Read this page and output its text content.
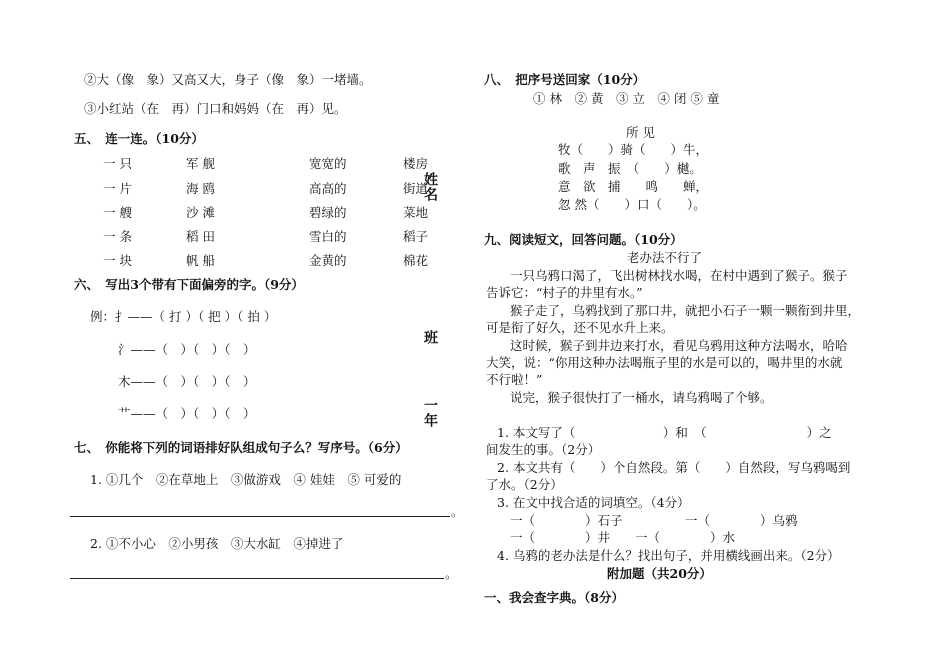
②大（像　象）又高又大，身子（像　象）一堵墙。
③小红站（在　再）门口和妈妈（在　再）见。
五、　连一连。（10分）
一 只	军 舰	宽宽的	楼房
一 片	海 鸥	高高的	街道
一 艘	沙 滩	碧绿的	菜地
一 条	稻 田	雪白的	稻子
一 块	帆 船	金黄的	棉花
六、　写出3个带有下面偏旁的字。（9分）
例：扌——（ 打 ）（ 把 ）（ 拍 ）
氵——（　）（　）（　）
木——（　）（　）（　）
艹——（　）（　）（　）
七、　你能将下列的词语排好队组成句子么？写序号。（6分）
1. ①几个　②在草地上　③做游戏　④ 娃娃　⑤ 可爱的
。
2. ①不小心　②小男孩　③大水缸　④掉进了
。
姓名
班
一年
八、　把序号送回家（10分）
① 林　② 黄　③ 立　④ 闭 ⑤ 童
所 见
牧（　　）骑（　　）牛，
歌　声　振　（　　）樾。
意　欲　捕　　鸣　　蝉，
忽 然（　　）口（　　）。
九、阅读短文，回答问题。（10分）
老办法不行了
一只乌鸦口渴了，飞出树林找水喝，在村中遇到了猴子。猴子
告诉它：“村子的井里有水。”
猴子走了，乌鸦找到了那口井，就把小石子一颗一颗衔到井里，
可是衔了好久，还不见水升上来。
这时候，猴子到井边来打水，看见乌鸦用这种方法喝水，哈哈
大笑，说：“你用这种办法喝瓶子里的水是可以的，喝井里的水就
不行啦！”
说完，猴子很快打了一桶水，请乌鸦喝了个够。
1. 本文写了（　　　　　　　）和　（　　　　　　　　）之
间发生的事。（2分）
2. 本文共有（　　）个自然段。第（　　）自然段，写乌鸦喝到
了水。（2分）
3. 在文中找合适的词填空。（4分）
一（　　　　）石子　　　　　一（　　　　）乌鸦
一（　　　　）井　　一（　　　　）水
4. 乌鸦的老办法是什么？找出句子，并用横线画出来。（2分）
附加题（共20分）
一、我会查字典。（8分）
